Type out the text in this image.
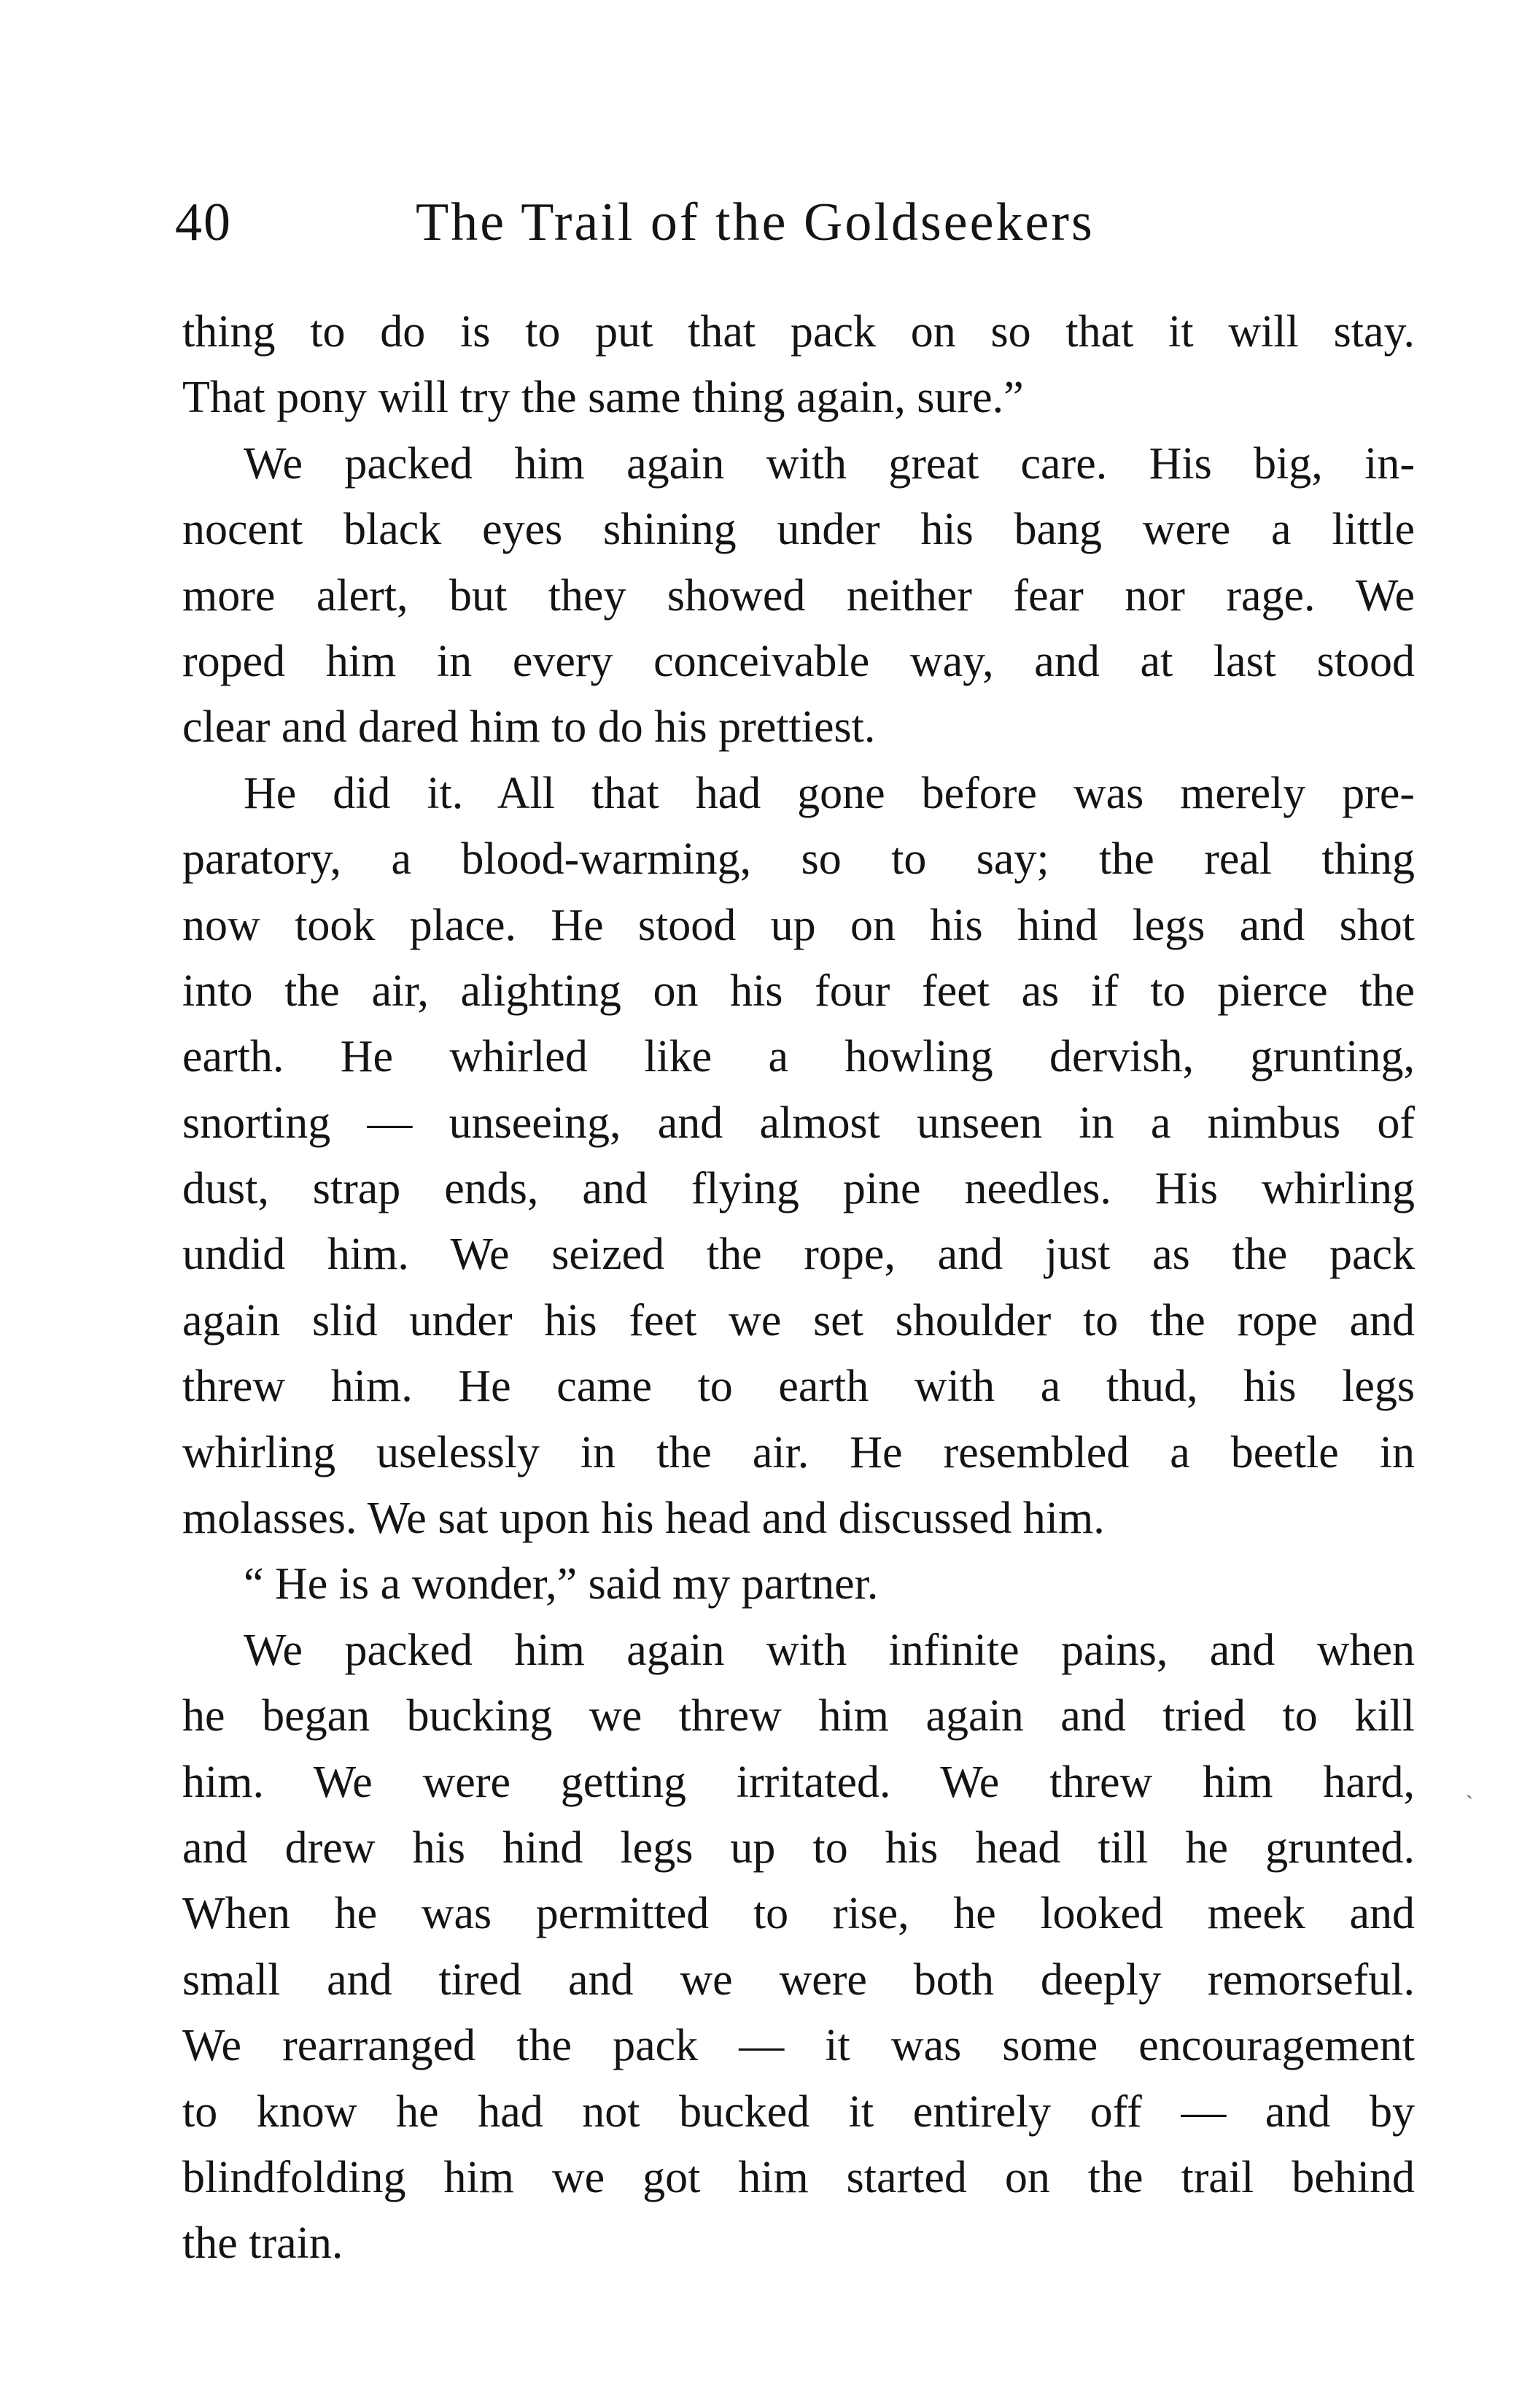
40	The Trail of the Goldseekers
thing to do is to put that pack on so that it will stay.
That pony will try the same thing again, sure.”
We packed him again with great care. His big, in-
nocent black eyes shining under his bang were a little
more alert, but they showed neither fear nor rage. We
roped him in every conceivable way, and at last stood
clear and dared him to do his prettiest.
He did it. All that had gone before was merely pre-
paratory, a blood-warming, so to say; the real thing
now took place. He stood up on his hind legs and shot
into the air, alighting on his four feet as if to pierce the
earth. He whirled like a howling dervish, grunting,
snorting — unseeing, and almost unseen in a nimbus of
dust, strap ends, and flying pine needles. His whirling
undid him. We seized the rope, and just as the pack
again slid under his feet we set shoulder to the rope and
threw him. He came to earth with a thud, his legs
whirling uselessly in the air. He resembled a beetle in
molasses. We sat upon his head and discussed him.
“ He is a wonder,” said my partner.
We packed him again with infinite pains, and when
he began bucking we threw him again and tried to kill
him. We were getting irritated. We threw him hard,
and drew his hind legs up to his head till he grunted.
When he was permitted to rise, he looked meek and
small and tired and we were both deeply remorseful.
We rearranged the pack — it was some encouragement
to know he had not bucked it entirely off — and by
blindfolding him we got him started on the trail behind
the train.
ˎ
